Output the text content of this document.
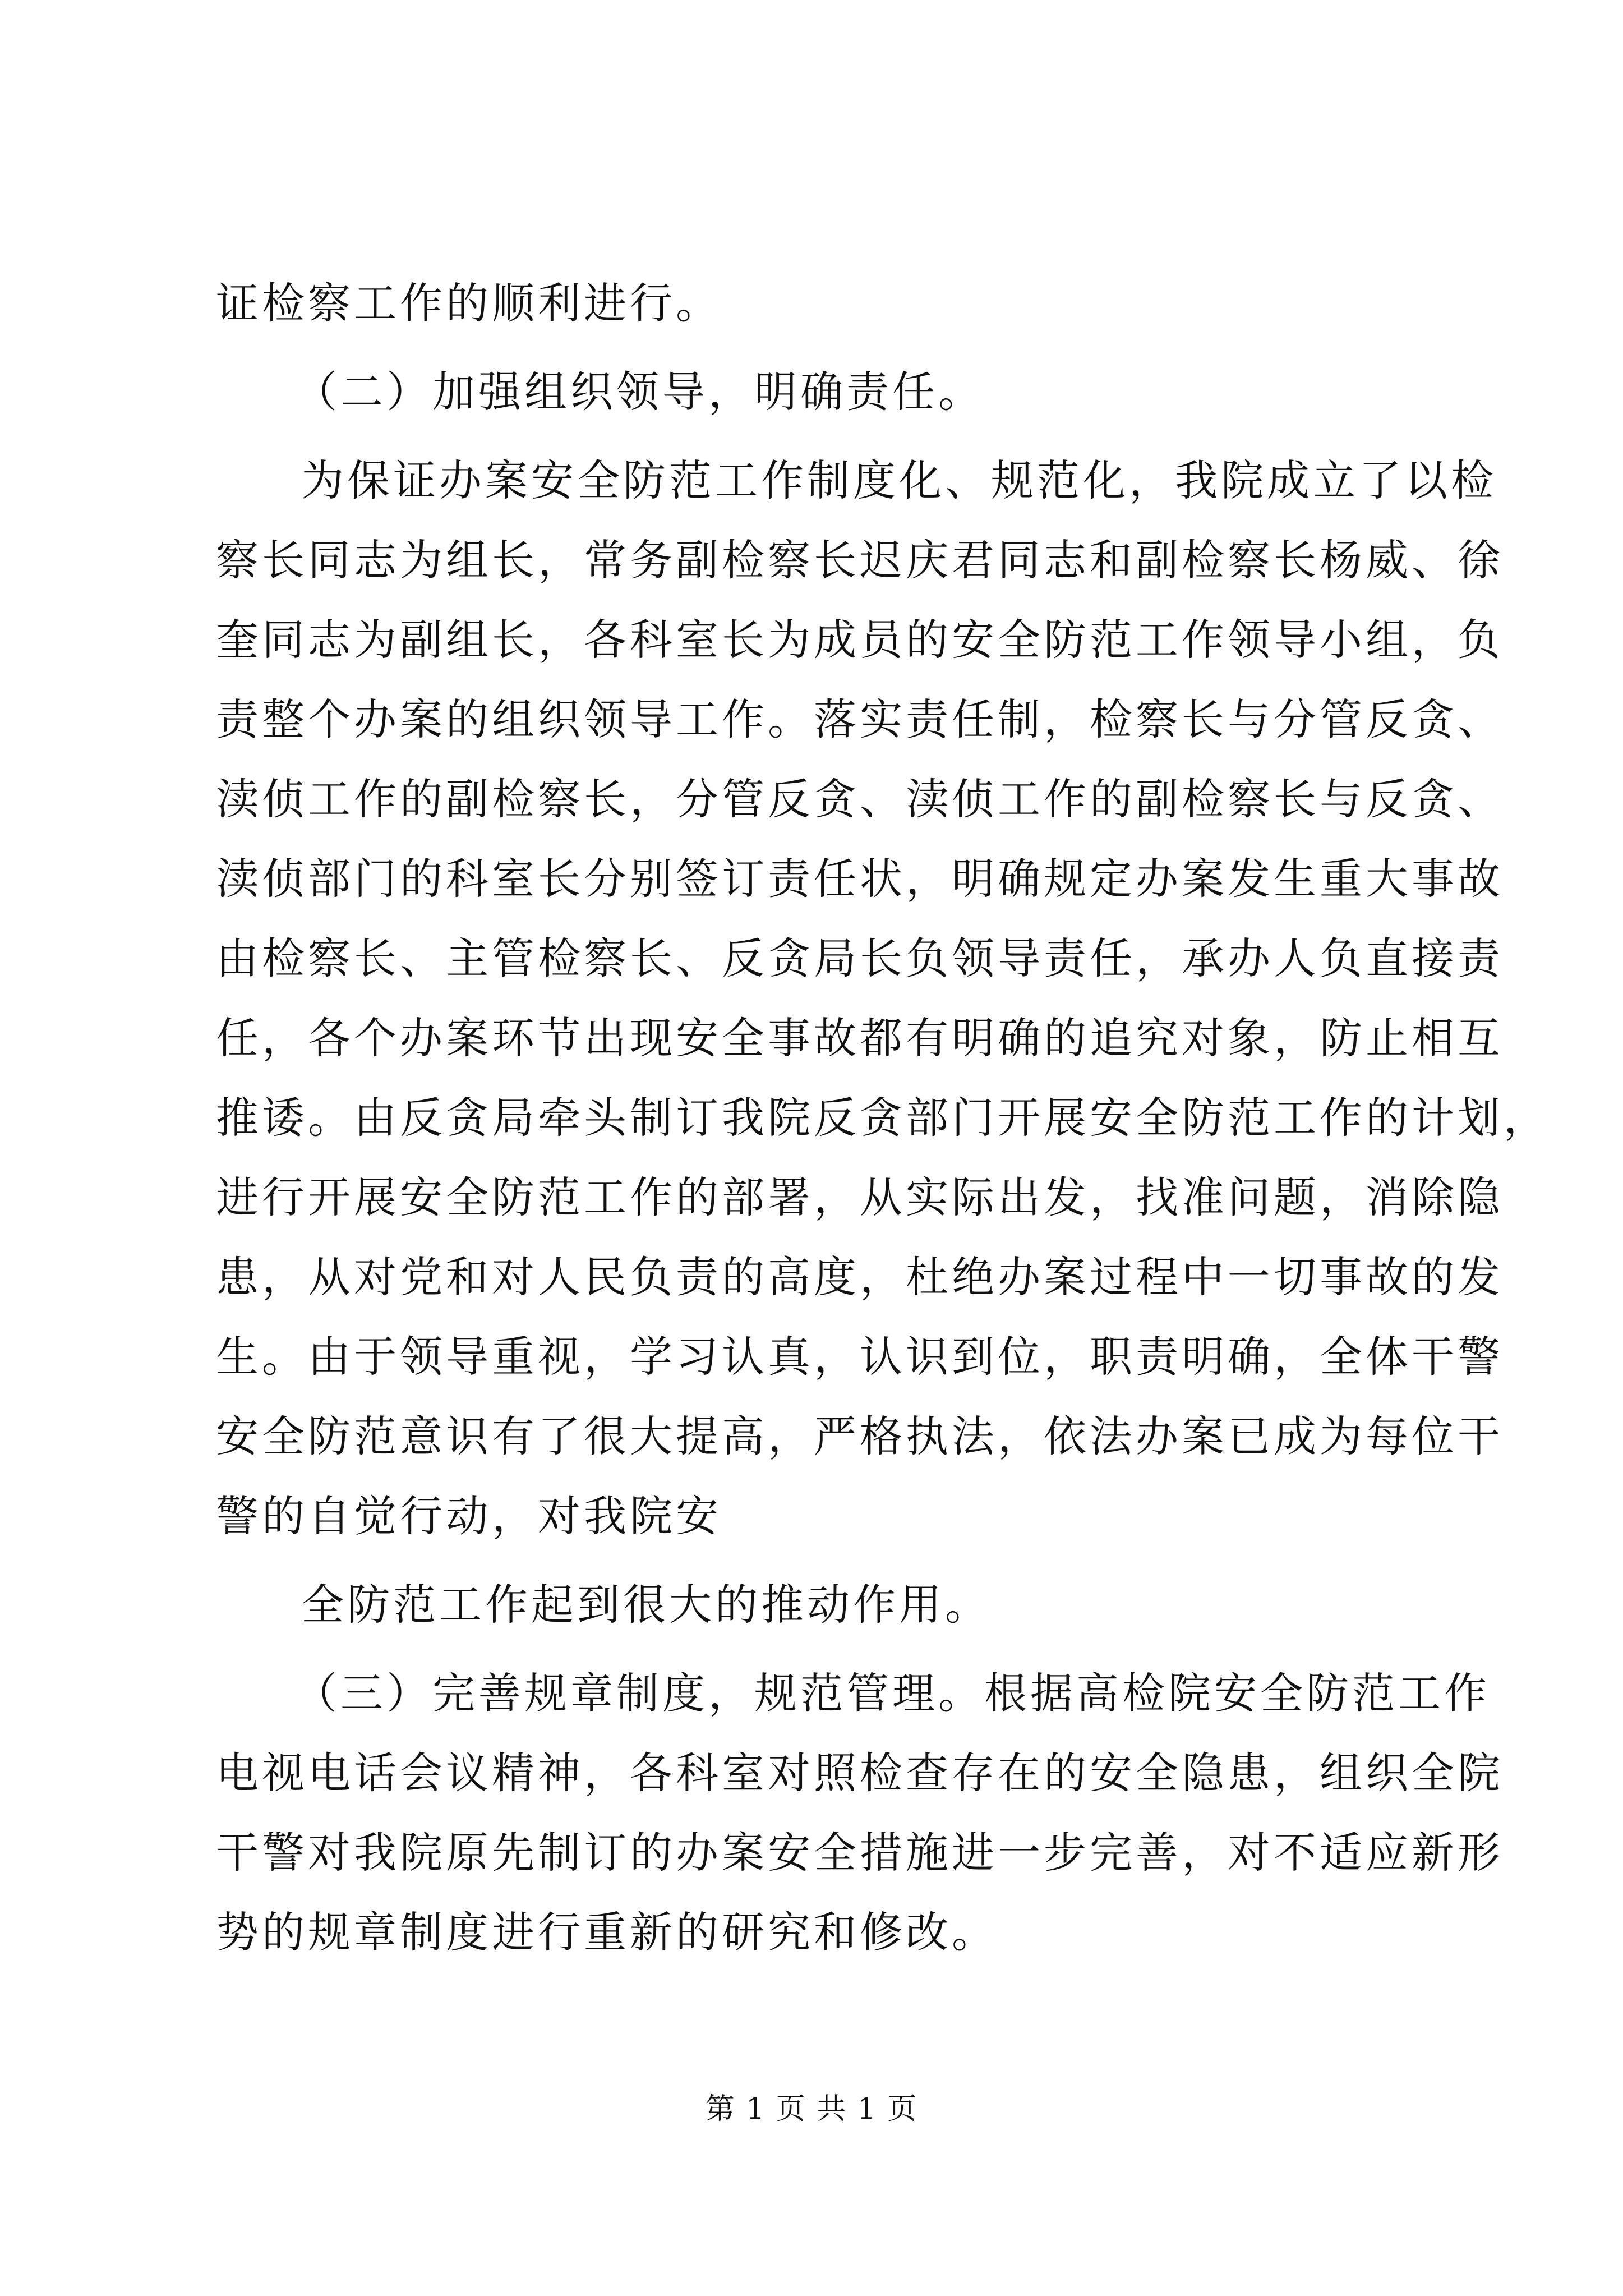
证检察工作的顺利进行。

（二）加强组织领导，明确责任。

为保证办案安全防范工作制度化、规范化，我院成立了以检
察长同志为组长，常务副检察长迟庆君同志和副检察长杨威、徐
奎同志为副组长，各科室长为成员的安全防范工作领导小组，负
责整个办案的组织领导工作。落实责任制，检察长与分管反贪、
渎侦工作的副检察长，分管反贪、渎侦工作的副检察长与反贪、
渎侦部门的科室长分别签订责任状，明确规定办案发生重大事故
由检察长、主管检察长、反贪局长负领导责任，承办人负直接责
任，各个办案环节出现安全事故都有明确的追究对象，防止相互
推诿。由反贪局牵头制订我院反贪部门开展安全防范工作的计划，
进行开展安全防范工作的部署，从实际出发，找准问题，消除隐
患，从对党和对人民负责的高度，杜绝办案过程中一切事故的发
生。由于领导重视，学习认真，认识到位，职责明确，全体干警
安全防范意识有了很大提高，严格执法，依法办案已成为每位干
警的自觉行动，对我院安

全防范工作起到很大的推动作用。

（三）完善规章制度，规范管理。根据高检院安全防范工作
电视电话会议精神，各科室对照检查存在的安全隐患，组织全院
干警对我院原先制订的办案安全措施进一步完善，对不适应新形
势的规章制度进行重新的研究和修改。

第 1 页 共 1 页
